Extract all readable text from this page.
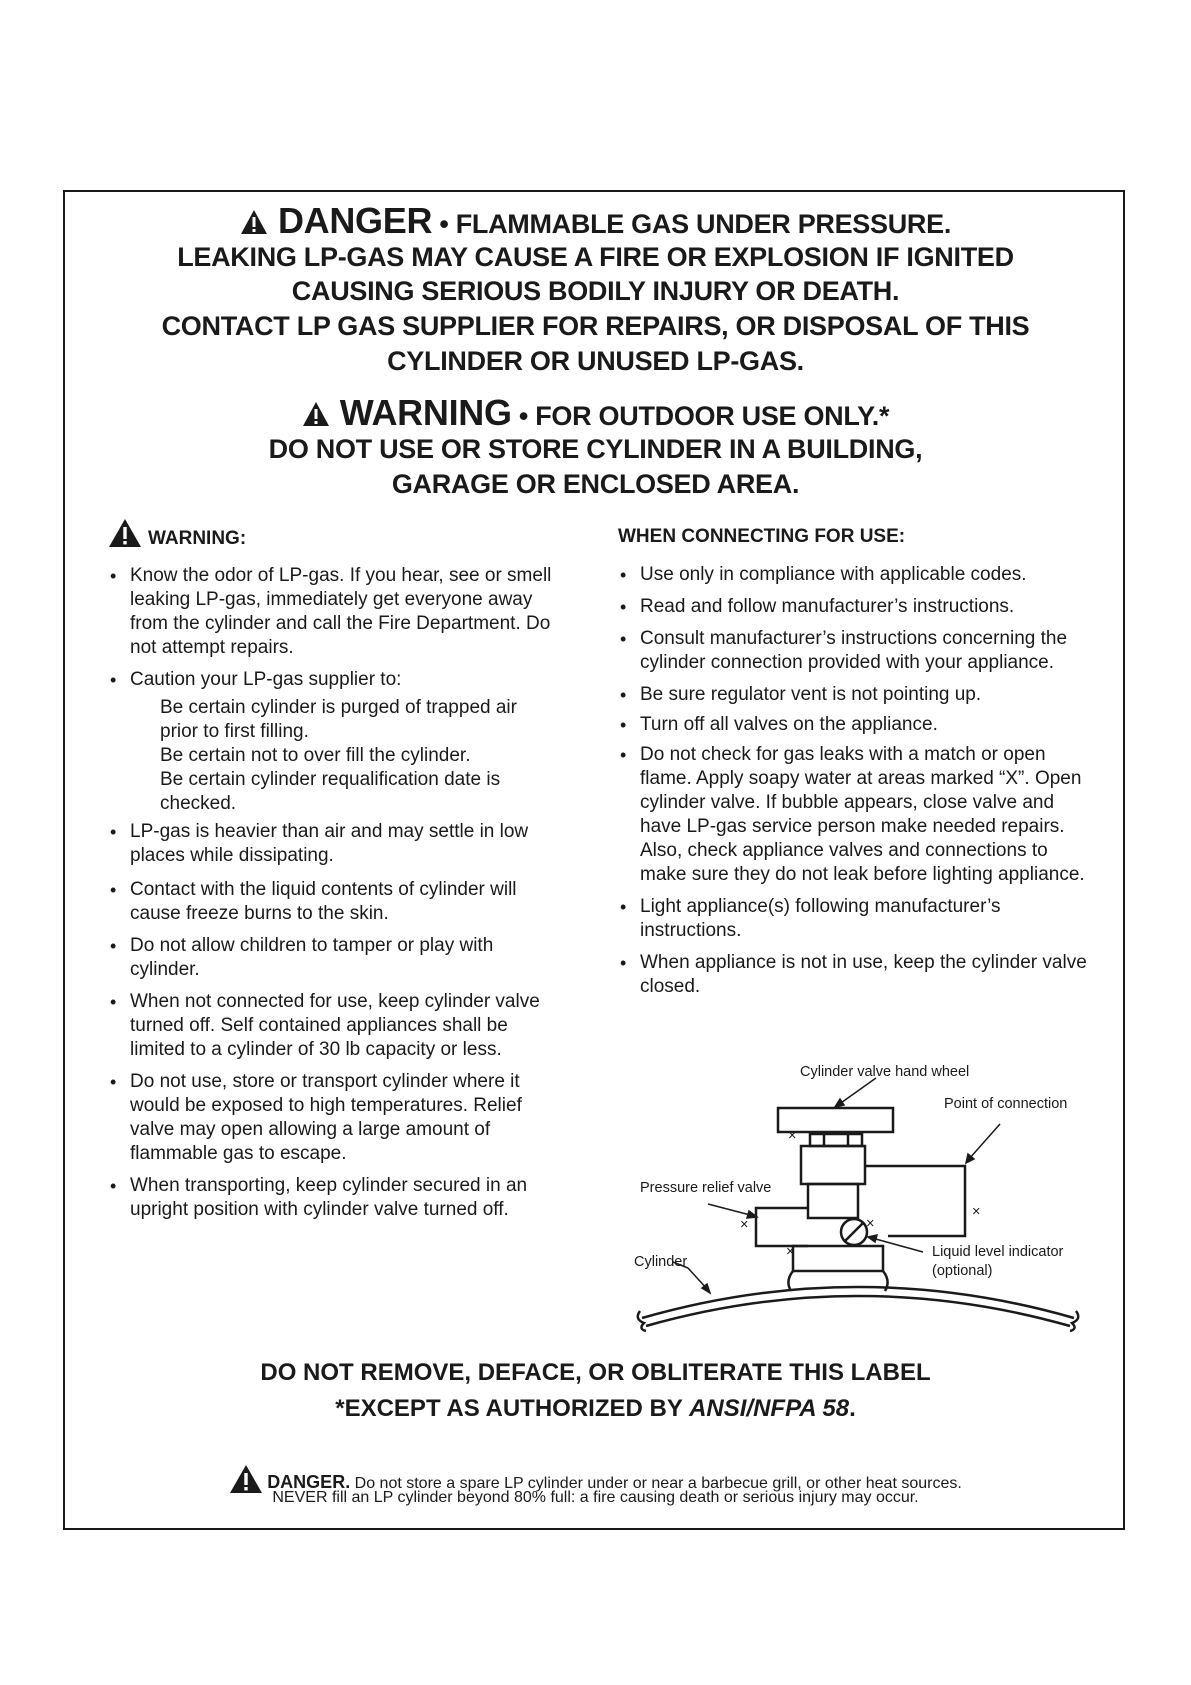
DANGER • FLAMMABLE GAS UNDER PRESSURE.
LEAKING LP-GAS MAY CAUSE A FIRE OR EXPLOSION IF IGNITED
CAUSING SERIOUS BODILY INJURY OR DEATH.
CONTACT LP GAS SUPPLIER FOR REPAIRS, OR DISPOSAL OF THIS
CYLINDER OR UNUSED LP-GAS.
WARNING • FOR OUTDOOR USE ONLY.*
DO NOT USE OR STORE CYLINDER IN A BUILDING,
GARAGE OR ENCLOSED AREA.
WARNING:
• Know the odor of LP-gas. If you hear, see or smell leaking LP-gas, immediately get everyone away from the cylinder and call the Fire Department. Do not attempt repairs.
• Caution your LP-gas supplier to:
Be certain cylinder is purged of trapped air prior to first filling.
Be certain not to over fill the cylinder.
Be certain cylinder requalification date is checked.
• LP-gas is heavier than air and may settle in low places while dissipating.
• Contact with the liquid contents of cylinder will cause freeze burns to the skin.
• Do not allow children to tamper or play with cylinder.
• When not connected for use, keep cylinder valve turned off. Self contained appliances shall be limited to a cylinder of 30 lb capacity or less.
• Do not use, store or transport cylinder where it would be exposed to high temperatures. Relief valve may open allowing a large amount of flammable gas to escape.
• When transporting, keep cylinder secured in an upright position with cylinder valve turned off.
WHEN CONNECTING FOR USE:
• Use only in compliance with applicable codes.
• Read and follow manufacturer’s instructions.
• Consult manufacturer’s instructions concerning the cylinder connection provided with your appliance.
• Be sure regulator vent is not pointing up.
• Turn off all valves on the appliance.
• Do not check for gas leaks with a match or open flame. Apply soapy water at areas marked “X”. Open cylinder valve. If bubble appears, close valve and have LP-gas service person make needed repairs. Also, check appliance valves and connections to make sure they do not leak before lighting appliance.
• Light appliance(s) following manufacturer’s instructions.
• When appliance is not in use, keep the cylinder valve closed.
Cylinder valve hand wheel
Point of connection
Pressure relief valve
Cylinder
Liquid level indicator
(optional)
×
×	×
×
×
DO NOT REMOVE, DEFACE, OR OBLITERATE THIS LABEL
*EXCEPT AS AUTHORIZED BY ANSI/NFPA 58.
DANGER. Do not store a spare LP cylinder under or near a barbecue grill, or other heat sources.
NEVER fill an LP cylinder beyond 80% full: a fire causing death or serious injury may occur.
